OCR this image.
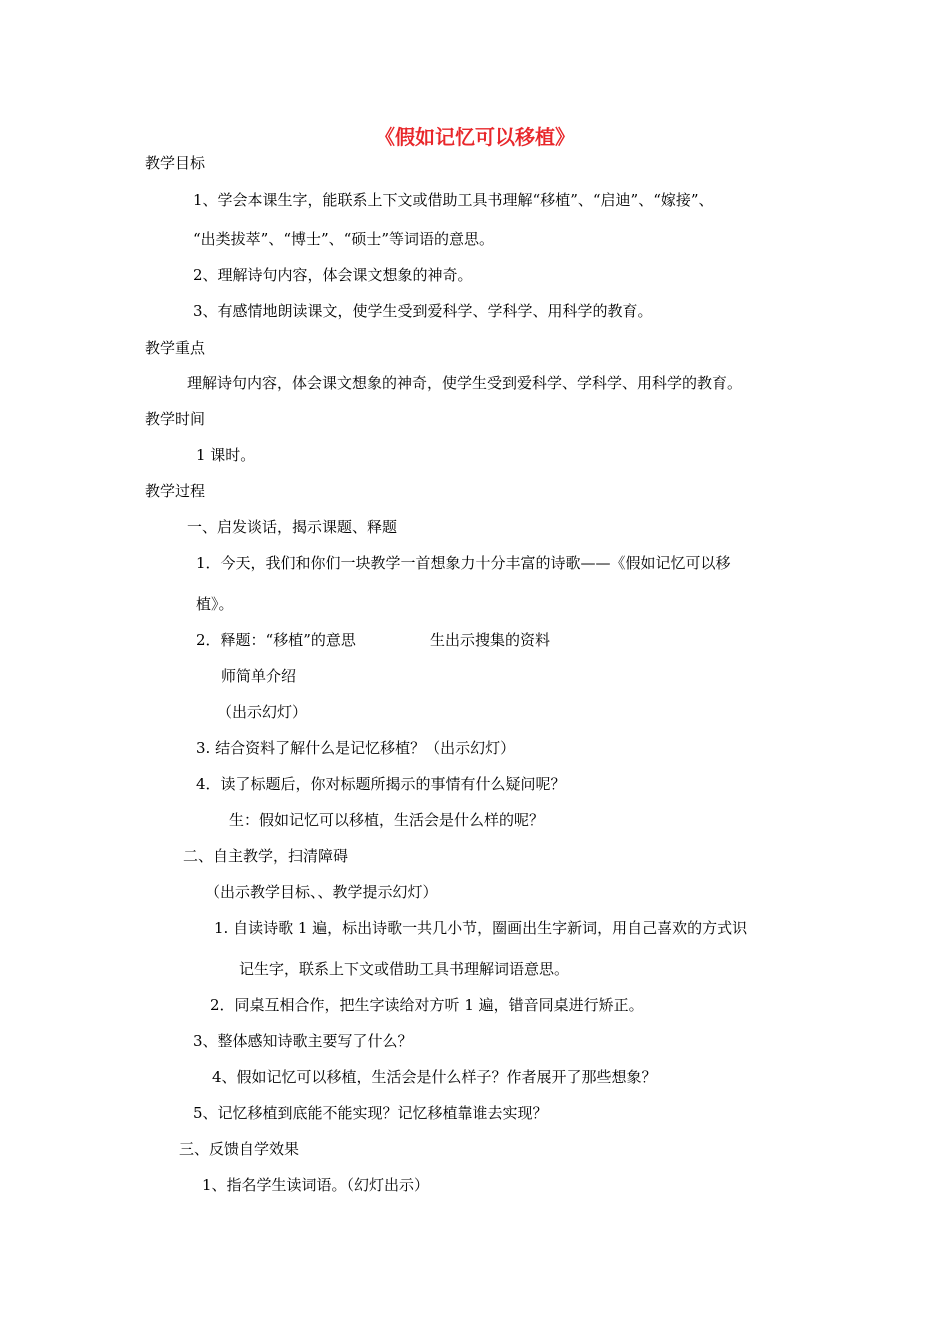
《假如记忆可以移植》
教学目标
1、学会本课生字，能联系上下文或借助工具书理解“移植”、“启迪”、“嫁接”、
“出类拔萃”、“博士”、“硕士”等词语的意思。
2、理解诗句内容，体会课文想象的神奇。
3、有感情地朗读课文，使学生受到爱科学、学科学、用科学的教育。
教学重点
理解诗句内容，体会课文想象的神奇，使学生受到爱科学、学科学、用科学的教育。
教学时间
1 课时。
教学过程
一、启发谈话，揭示课题、释题
1．今天，我们和你们一块教学一首想象力十分丰富的诗歌——《假如记忆可以移
植》。
2．释题：“移植”的意思	生出示搜集的资料
师简单介绍
（出示幻灯）
3. 结合资料了解什么是记忆移植？（出示幻灯）
4．读了标题后，你对标题所揭示的事情有什么疑问呢？
生：假如记忆可以移植，生活会是什么样的呢？
二、自主教学，扫清障碍
（出示教学目标、、教学提示幻灯）
1. 自读诗歌 1 遍，标出诗歌一共几小节，圈画出生字新词，用自己喜欢的方式识
记生字，联系上下文或借助工具书理解词语意思。
2．同桌互相合作，把生字读给对方听 1 遍，错音同桌进行矫正。
3、整体感知诗歌主要写了什么？
4、假如记忆可以移植，生活会是什么样子？作者展开了那些想象？
5、记忆移植到底能不能实现？记忆移植靠谁去实现？
三、反馈自学效果
1、指名学生读词语。（幻灯出示）
